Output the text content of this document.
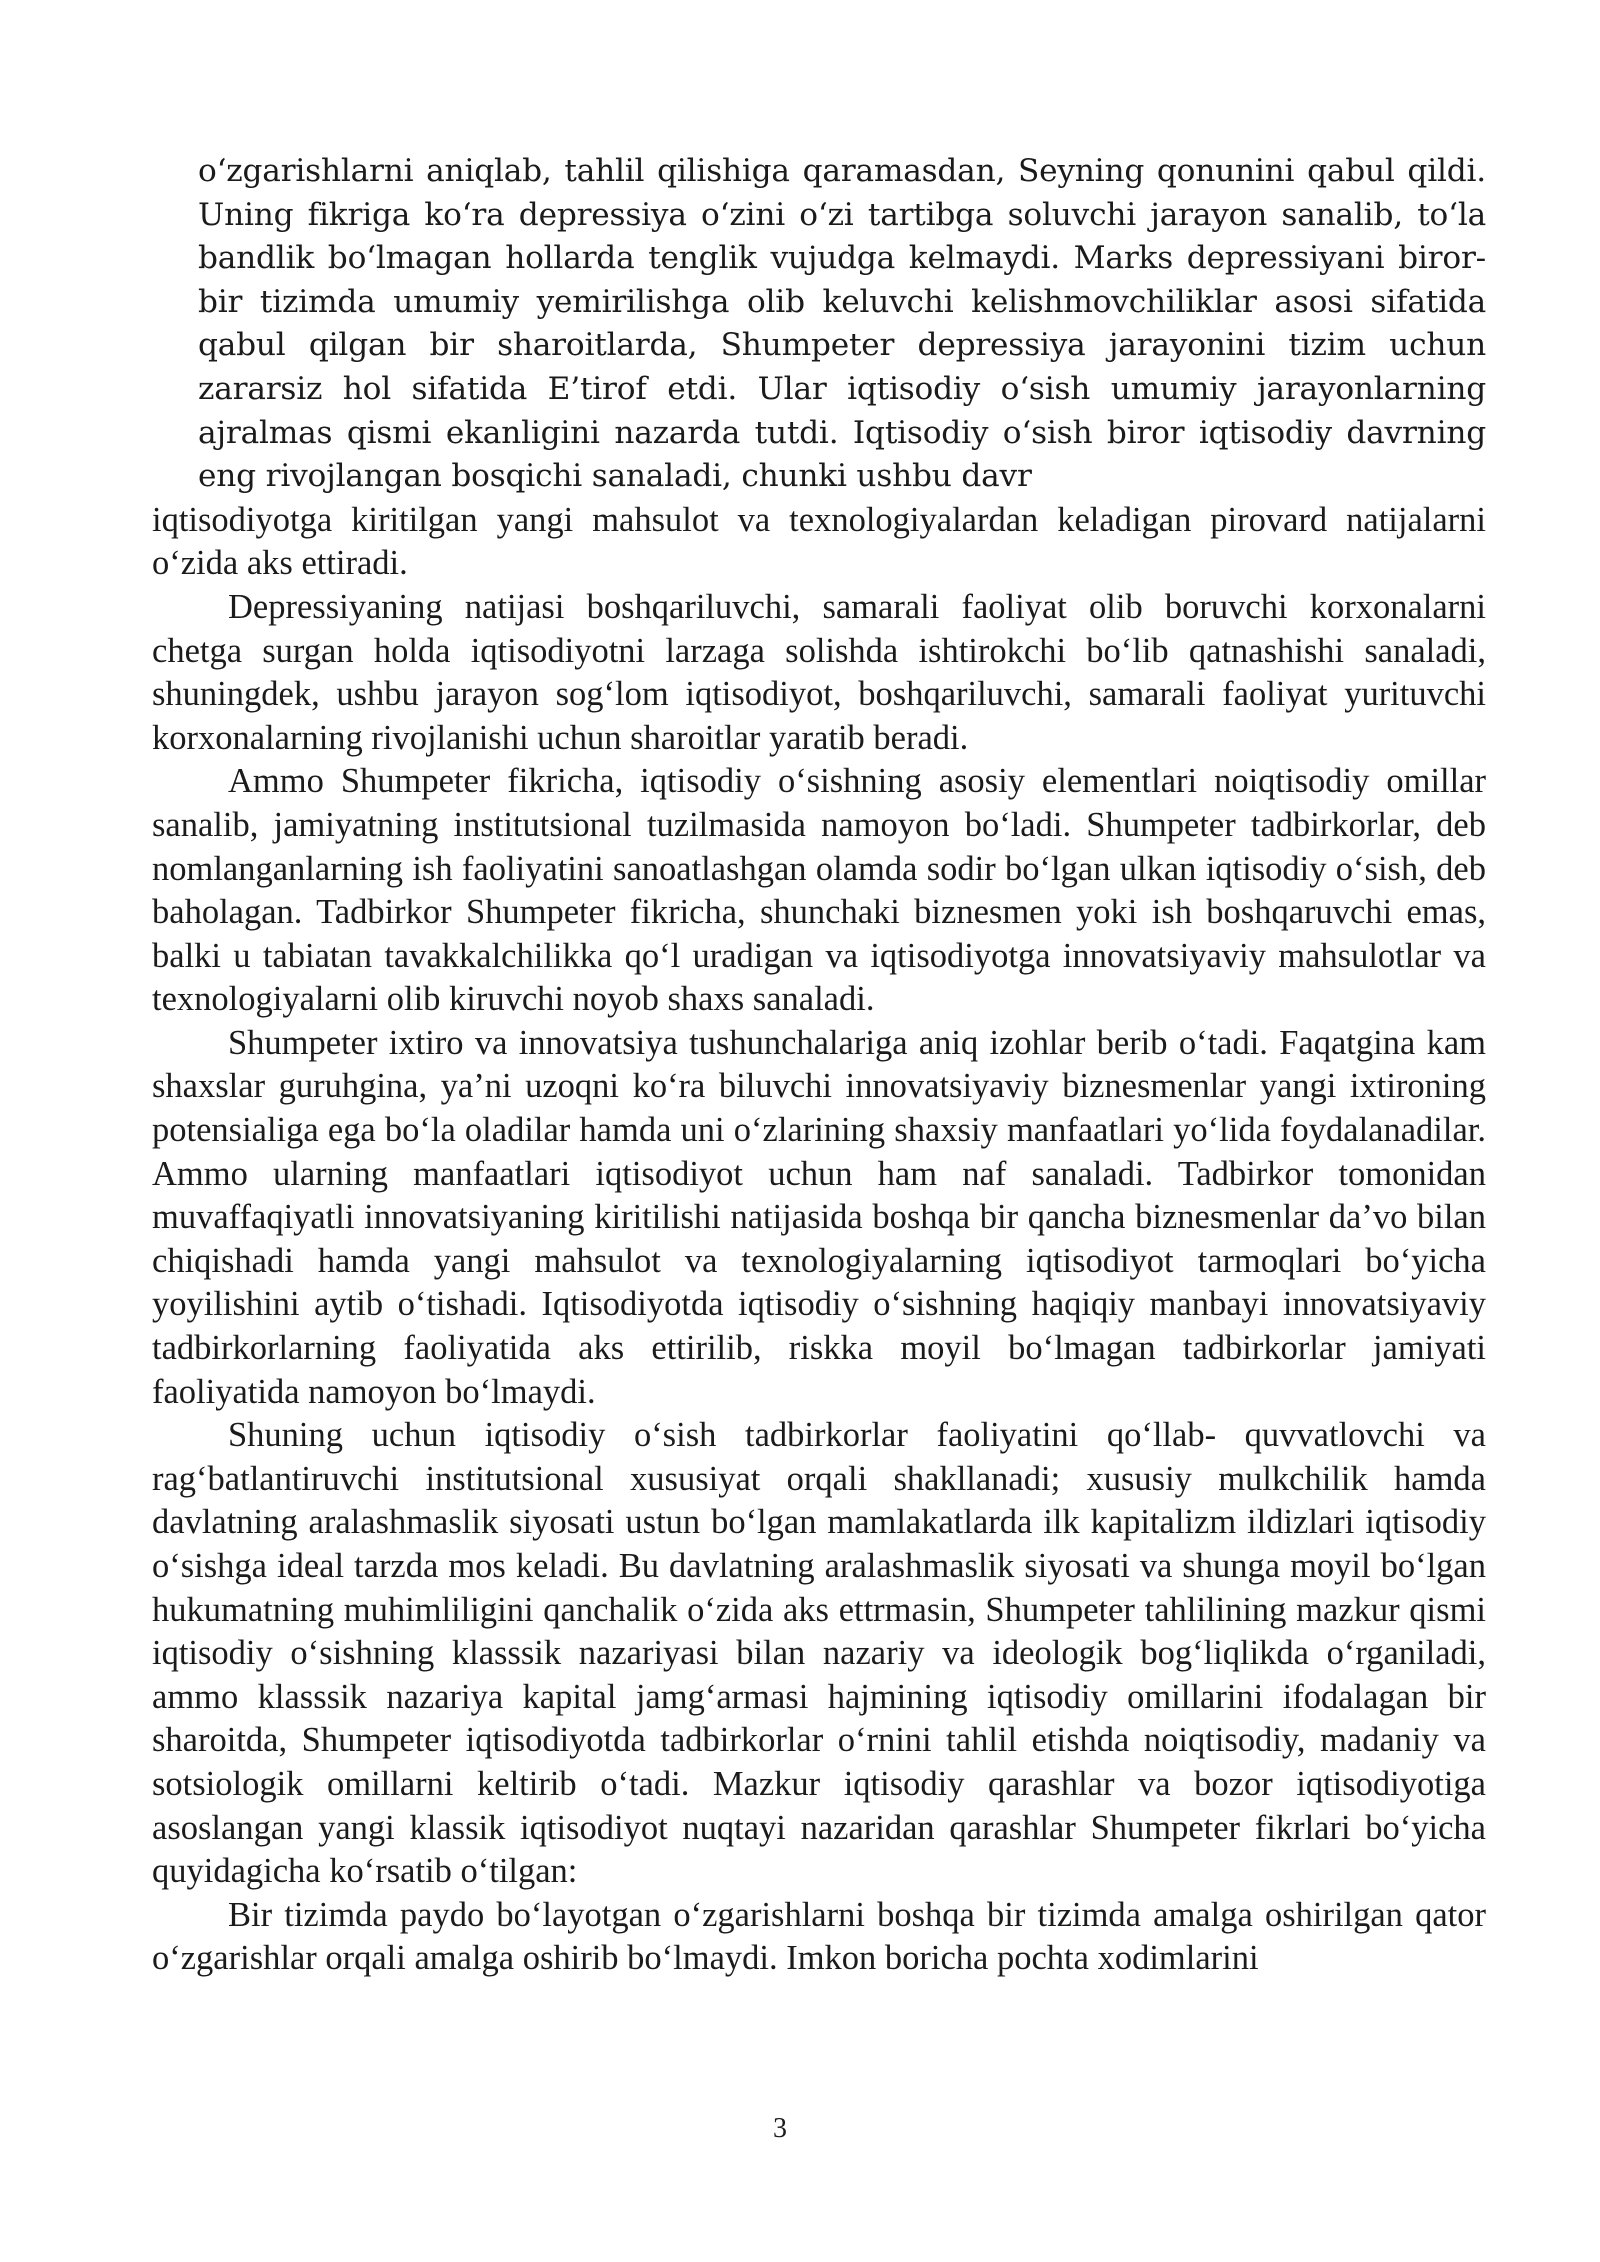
oʻzgarishlarni aniqlab, tahlil qilishiga qaramasdan, Seyning qonunini qabul qildi. Uning fikriga koʻra depressiya oʻzini oʻzi tartibga soluvchi jarayon sanalib, toʻla bandlik boʻlmagan hollarda tenglik vujudga kelmaydi. Marks depressiyani biror-bir tizimda umumiy yemirilishga olib keluvchi kelishmovchiliklar asosi sifatida qabul qilgan bir sharoitlarda, Shumpeter depressiya jarayonini tizim uchun zararsiz hol sifatida E’tirof etdi. Ular iqtisodiy oʻsish umumiy jarayonlarning ajralmas qismi ekanligini nazarda tutdi. Iqtisodiy oʻsish biror iqtisodiy davrning eng rivojlangan bosqichi sanaladi, chunki ushbu davr

iqtisodiyotga kiritilgan yangi mahsulot va texnologiyalardan keladigan pirovard natijalarni oʻzida aks ettiradi.

Depressiyaning natijasi boshqariluvchi, samarali faoliyat olib boruvchi korxonalarni chetga surgan holda iqtisodiyotni larzaga solishda ishtirokchi boʻlib qatnashishi sanaladi, shuningdek, ushbu jarayon sogʻlom iqtisodiyot, boshqariluvchi, samarali faoliyat yurituvchi korxonalarning rivojlanishi uchun sharoitlar yaratib beradi.

Ammo Shumpeter fikricha, iqtisodiy oʻsishning asosiy elementlari noiqtisodiy omillar sanalib, jamiyatning institutsional tuzilmasida namoyon boʻladi. Shumpeter tadbirkorlar, deb nomlanganlarning ish faoliyatini sanoatlashgan olamda sodir boʻlgan ulkan iqtisodiy oʻsish, deb baholagan. Tadbirkor Shumpeter fikricha, shunchaki biznesmen yoki ish boshqaruvchi emas, balki u tabiatan tavakkalchilikka qoʻl uradigan va iqtisodiyotga innovatsiyaviy mahsulotlar va texnologiyalarni olib kiruvchi noyob shaxs sanaladi.

Shumpeter ixtiro va innovatsiya tushunchalariga aniq izohlar berib oʻtadi. Faqatgina kam shaxslar guruhgina, ya’ni uzoqni koʻra biluvchi innovatsiyaviy biznesmenlar yangi ixtironing potensialiga ega boʻla oladilar hamda uni oʻzlarining shaxsiy manfaatlari yoʻlida foydalanadilar. Ammo ularning manfaatlari iqtisodiyot uchun ham naf sanaladi. Tadbirkor tomonidan muvaffaqiyatli innovatsiyaning kiritilishi natijasida boshqa bir qancha biznesmenlar da’vo bilan chiqishadi hamda yangi mahsulot va texnologiyalarning iqtisodiyot tarmoqlari boʻyicha yoyilishini aytib oʻtishadi. Iqtisodiyotda iqtisodiy oʻsishning haqiqiy manbayi innovatsiyaviy tadbirkorlarning faoliyatida aks ettirilib, riskka moyil boʻlmagan tadbirkorlar jamiyati faoliyatida namoyon boʻlmaydi.

Shuning uchun iqtisodiy oʻsish tadbirkorlar faoliyatini qoʻllab- quvvatlovchi va ragʻbatlantiruvchi institutsional xususiyat orqali shakllanadi; xususiy mulkchilik hamda davlatning aralashmaslik siyosati ustun boʻlgan mamlakatlarda ilk kapitalizm ildizlari iqtisodiy oʻsishga ideal tarzda mos keladi. Bu davlatning aralashmaslik siyosati va shunga moyil boʻlgan hukumatning muhimliligini qanchalik oʻzida aks ettrmasin, Shumpeter tahlilining mazkur qismi iqtisodiy oʻsishning klasssik nazariyasi bilan nazariy va ideologik bogʻliqlikda oʻrganiladi, ammo klasssik nazariya kapital jamgʻarmasi hajmining iqtisodiy omillarini ifodalagan bir sharoitda, Shumpeter iqtisodiyotda tadbirkorlar oʻrnini tahlil etishda noiqtisodiy, madaniy va sotsiologik omillarni keltirib oʻtadi. Mazkur iqtisodiy qarashlar va bozor iqtisodiyotiga asoslangan yangi klassik iqtisodiyot nuqtayi nazaridan qarashlar Shumpeter fikrlari boʻyicha quyidagicha koʻrsatib oʻtilgan:

Bir tizimda paydo boʻlayotgan oʻzgarishlarni boshqa bir tizimda amalga oshirilgan qator oʻzgarishlar orqali amalga oshirib boʻlmaydi. Imkon boricha pochta xodimlarini

3
